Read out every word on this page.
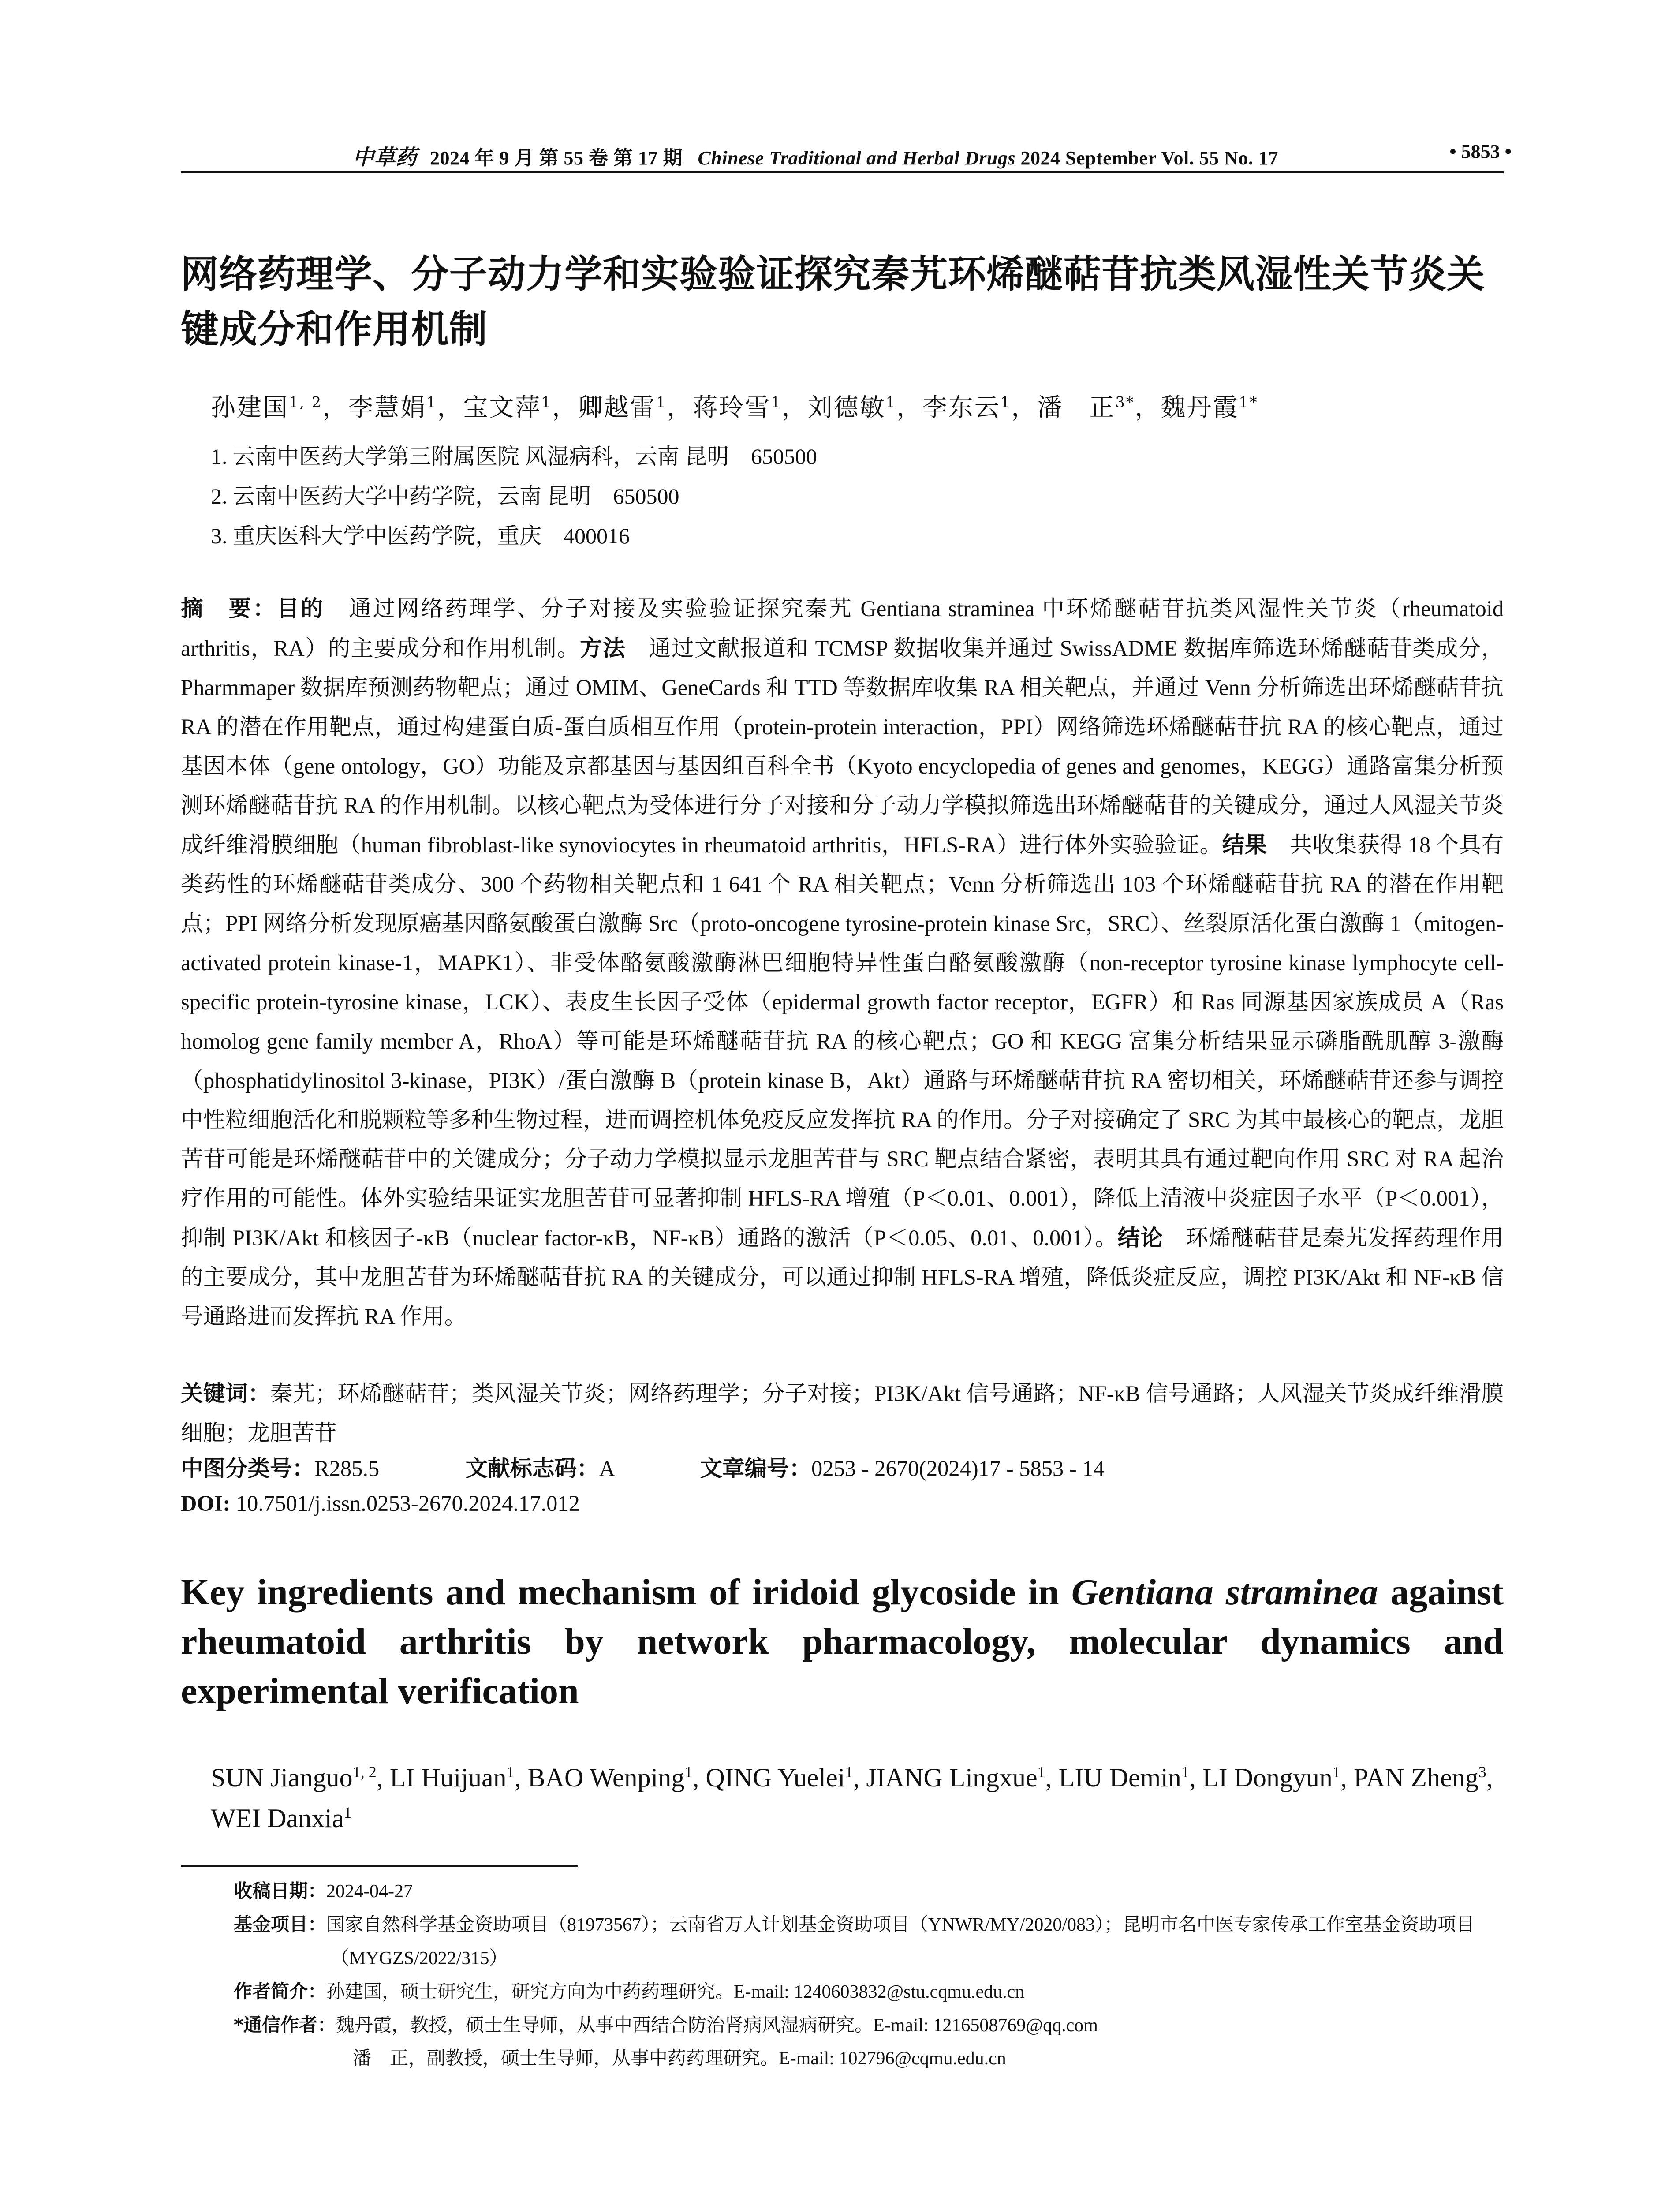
中草药 2024 年 9 月 第 55 卷 第 17 期 Chinese Traditional and Herbal Drugs 2024 September Vol. 55 No. 17	• 5853 •
网络药理学、分子动力学和实验验证探究秦艽环烯醚萜苷抗类风湿性关节炎关键成分和作用机制
孙建国$^{1, 2}$，李慧娟$^1$，宝文萍$^1$，卿越雷$^1$，蒋玲雪$^1$，刘德敏$^1$，李东云$^1$，潘　正$^{3*}$，魏丹霞$^{1*}$
1. 云南中医药大学第三附属医院 风湿病科，云南 昆明　650500
2. 云南中医药大学中药学院，云南 昆明　650500
3. 重庆医科大学中医药学院，重庆　400016
摘　要：目的  通过网络药理学、分子对接及实验验证探究秦艽 Gentiana straminea 中环烯醚萜苷抗类风湿性关节炎（rheumatoid arthritis，RA）的主要成分和作用机制。方法  通过文献报道和 TCMSP 数据收集并通过 SwissADME 数据库筛选环烯醚萜苷类成分，Pharmmaper 数据库预测药物靶点；通过 OMIM、GeneCards 和 TTD 等数据库收集 RA 相关靶点，并通过 Venn 分析筛选出环烯醚萜苷抗 RA 的潜在作用靶点，通过构建蛋白质-蛋白质相互作用（protein-protein interaction，PPI）网络筛选环烯醚萜苷抗 RA 的核心靶点，通过基因本体（gene ontology，GO）功能及京都基因与基因组百科全书（Kyoto encyclopedia of genes and genomes，KEGG）通路富集分析预测环烯醚萜苷抗 RA 的作用机制。以核心靶点为受体进行分子对接和分子动力学模拟筛选出环烯醚萜苷的关键成分，通过人风湿关节炎成纤维滑膜细胞（human fibroblast-like synoviocytes in rheumatoid arthritis，HFLS-RA）进行体外实验验证。结果  共收集获得 18 个具有类药性的环烯醚萜苷类成分、300 个药物相关靶点和 1 641 个 RA 相关靶点；Venn 分析筛选出 103 个环烯醚萜苷抗 RA 的潜在作用靶点；PPI 网络分析发现原癌基因酪氨酸蛋白激酶 Src（proto-oncogene tyrosine-protein kinase Src，SRC）、丝裂原活化蛋白激酶 1（mitogen-activated protein kinase-1，MAPK1）、非受体酪氨酸激酶淋巴细胞特异性蛋白酪氨酸激酶（non-receptor tyrosine kinase lymphocyte cell-specific protein-tyrosine kinase，LCK）、表皮生长因子受体（epidermal growth factor receptor，EGFR）和 Ras 同源基因家族成员 A（Ras homolog gene family member A，RhoA）等可能是环烯醚萜苷抗 RA 的核心靶点；GO 和 KEGG 富集分析结果显示磷脂酰肌醇 3-激酶（phosphatidylinositol 3-kinase，PI3K）/蛋白激酶 B（protein kinase B，Akt）通路与环烯醚萜苷抗 RA 密切相关，环烯醚萜苷还参与调控中性粒细胞活化和脱颗粒等多种生物过程，进而调控机体免疫反应发挥抗 RA 的作用。分子对接确定了 SRC 为其中最核心的靶点，龙胆苦苷可能是环烯醚萜苷中的关键成分；分子动力学模拟显示龙胆苦苷与 SRC 靶点结合紧密，表明其具有通过靶向作用 SRC 对 RA 起治疗作用的可能性。体外实验结果证实龙胆苦苷可显著抑制 HFLS-RA 增殖（P＜0.01、0.001），降低上清液中炎症因子水平（P＜0.001），抑制 PI3K/Akt 和核因子-κB（nuclear factor-κB，NF-κB）通路的激活（P＜0.05、0.01、0.001）。结论  环烯醚萜苷是秦艽发挥药理作用的主要成分，其中龙胆苦苷为环烯醚萜苷抗 RA 的关键成分，可以通过抑制 HFLS-RA 增殖，降低炎症反应，调控 PI3K/Akt 和 NF-κB 信号通路进而发挥抗 RA 作用。
关键词：秦艽；环烯醚萜苷；类风湿关节炎；网络药理学；分子对接；PI3K/Akt 信号通路；NF-κB 信号通路；人风湿关节炎成纤维滑膜细胞；龙胆苦苷
中图分类号：R285.5	文献标志码：A	文章编号：0253 - 2670(2024)17 - 5853 - 14
DOI: 10.7501/j.issn.0253-2670.2024.17.012
Key ingredients and mechanism of iridoid glycoside in Gentiana straminea against rheumatoid arthritis by network pharmacology, molecular dynamics and experimental verification
SUN Jianguo$^{1, 2}$, LI Huijuan$^1$, BAO Wenping$^1$, QING Yuelei$^1$, JIANG Lingxue$^1$, LIU Demin$^1$, LI Dongyun$^1$, PAN Zheng$^3$, WEI Danxia$^1$
收稿日期：2024-04-27
基金项目：国家自然科学基金资助项目（81973567）；云南省万人计划基金资助项目（YNWR/MY/2020/083）；昆明市名中医专家传承工作室基金资助项目（MYGZS/2022/315）
作者简介：孙建国，硕士研究生，研究方向为中药药理研究。E-mail: 1240603832@stu.cqmu.edu.cn
*通信作者：魏丹霞，教授，硕士生导师，从事中西结合防治肾病风湿病研究。E-mail: 1216508769@qq.com
潘　正，副教授，硕士生导师，从事中药药理研究。E-mail: 102796@cqmu.edu.cn
